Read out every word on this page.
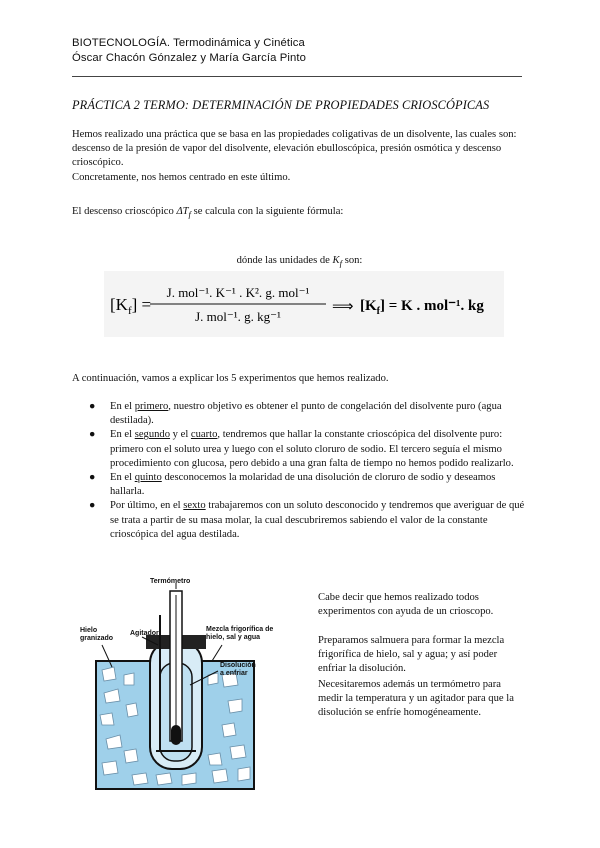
BIOTECNOLOGÍA. Termodinámica y Cinética
Óscar Chacón Gónzalez y María García Pinto
PRÁCTICA 2 TERMO: DETERMINACIÓN DE PROPIEDADES CRIOSCÓPICAS
Hemos realizado una práctica que se basa en las propiedades coligativas de un disolvente, las cuales son: descenso de la presión de vapor del disolvente, elevación ebulloscópica, presión osmótica y descenso crioscópico.
Concretamente, nos hemos centrado en este último.
El descenso crioscópico $\Delta T_f$ se calcula con la siguiente fórmula:
dónde las unidades de $K_f$ son:
$[K_f]$ =
J. mol⁻¹. K⁻¹ . K². g. mol⁻¹
J. mol⁻¹. g. kg⁻¹
⟹ $[K_f] = K$ . mol⁻¹. kg
A continuación, vamos a explicar los 5 experimentos que hemos realizado.
● En el primero, nuestro objetivo es obtener el punto de congelación del disolvente puro (agua destilada).
● En el segundo y el cuarto, tendremos que hallar la constante crioscópica del disolvente puro: primero con el soluto urea y luego con el soluto cloruro de sodio. El tercero seguía el mismo procedimiento con glucosa, pero debido a una gran falta de tiempo no hemos podido realizarlo.
● En el quinto desconocemos la molaridad de una disolución de cloruro de sodio y deseamos hallarla.
● Por último, en el sexto trabajaremos con un soluto desconocido y tendremos que averiguar de qué se trata a partir de su masa molar, la cual descubriremos sabiendo el valor de la constante crioscópica del agua destilada.
Termómetro
Agitador
Hielo granizado
Mezcla frigorífica de hielo, sal y agua
Disolución a enfriar
Cabe decir que hemos realizado todos experimentos con ayuda de un crioscopo.
Preparamos salmuera para formar la mezcla frigorífica de hielo, sal y agua; y así poder enfriar la disolución.
Necesitaremos además un termómetro para medir la temperatura y un agitador para que la disolución se enfríe homogéneamente.
